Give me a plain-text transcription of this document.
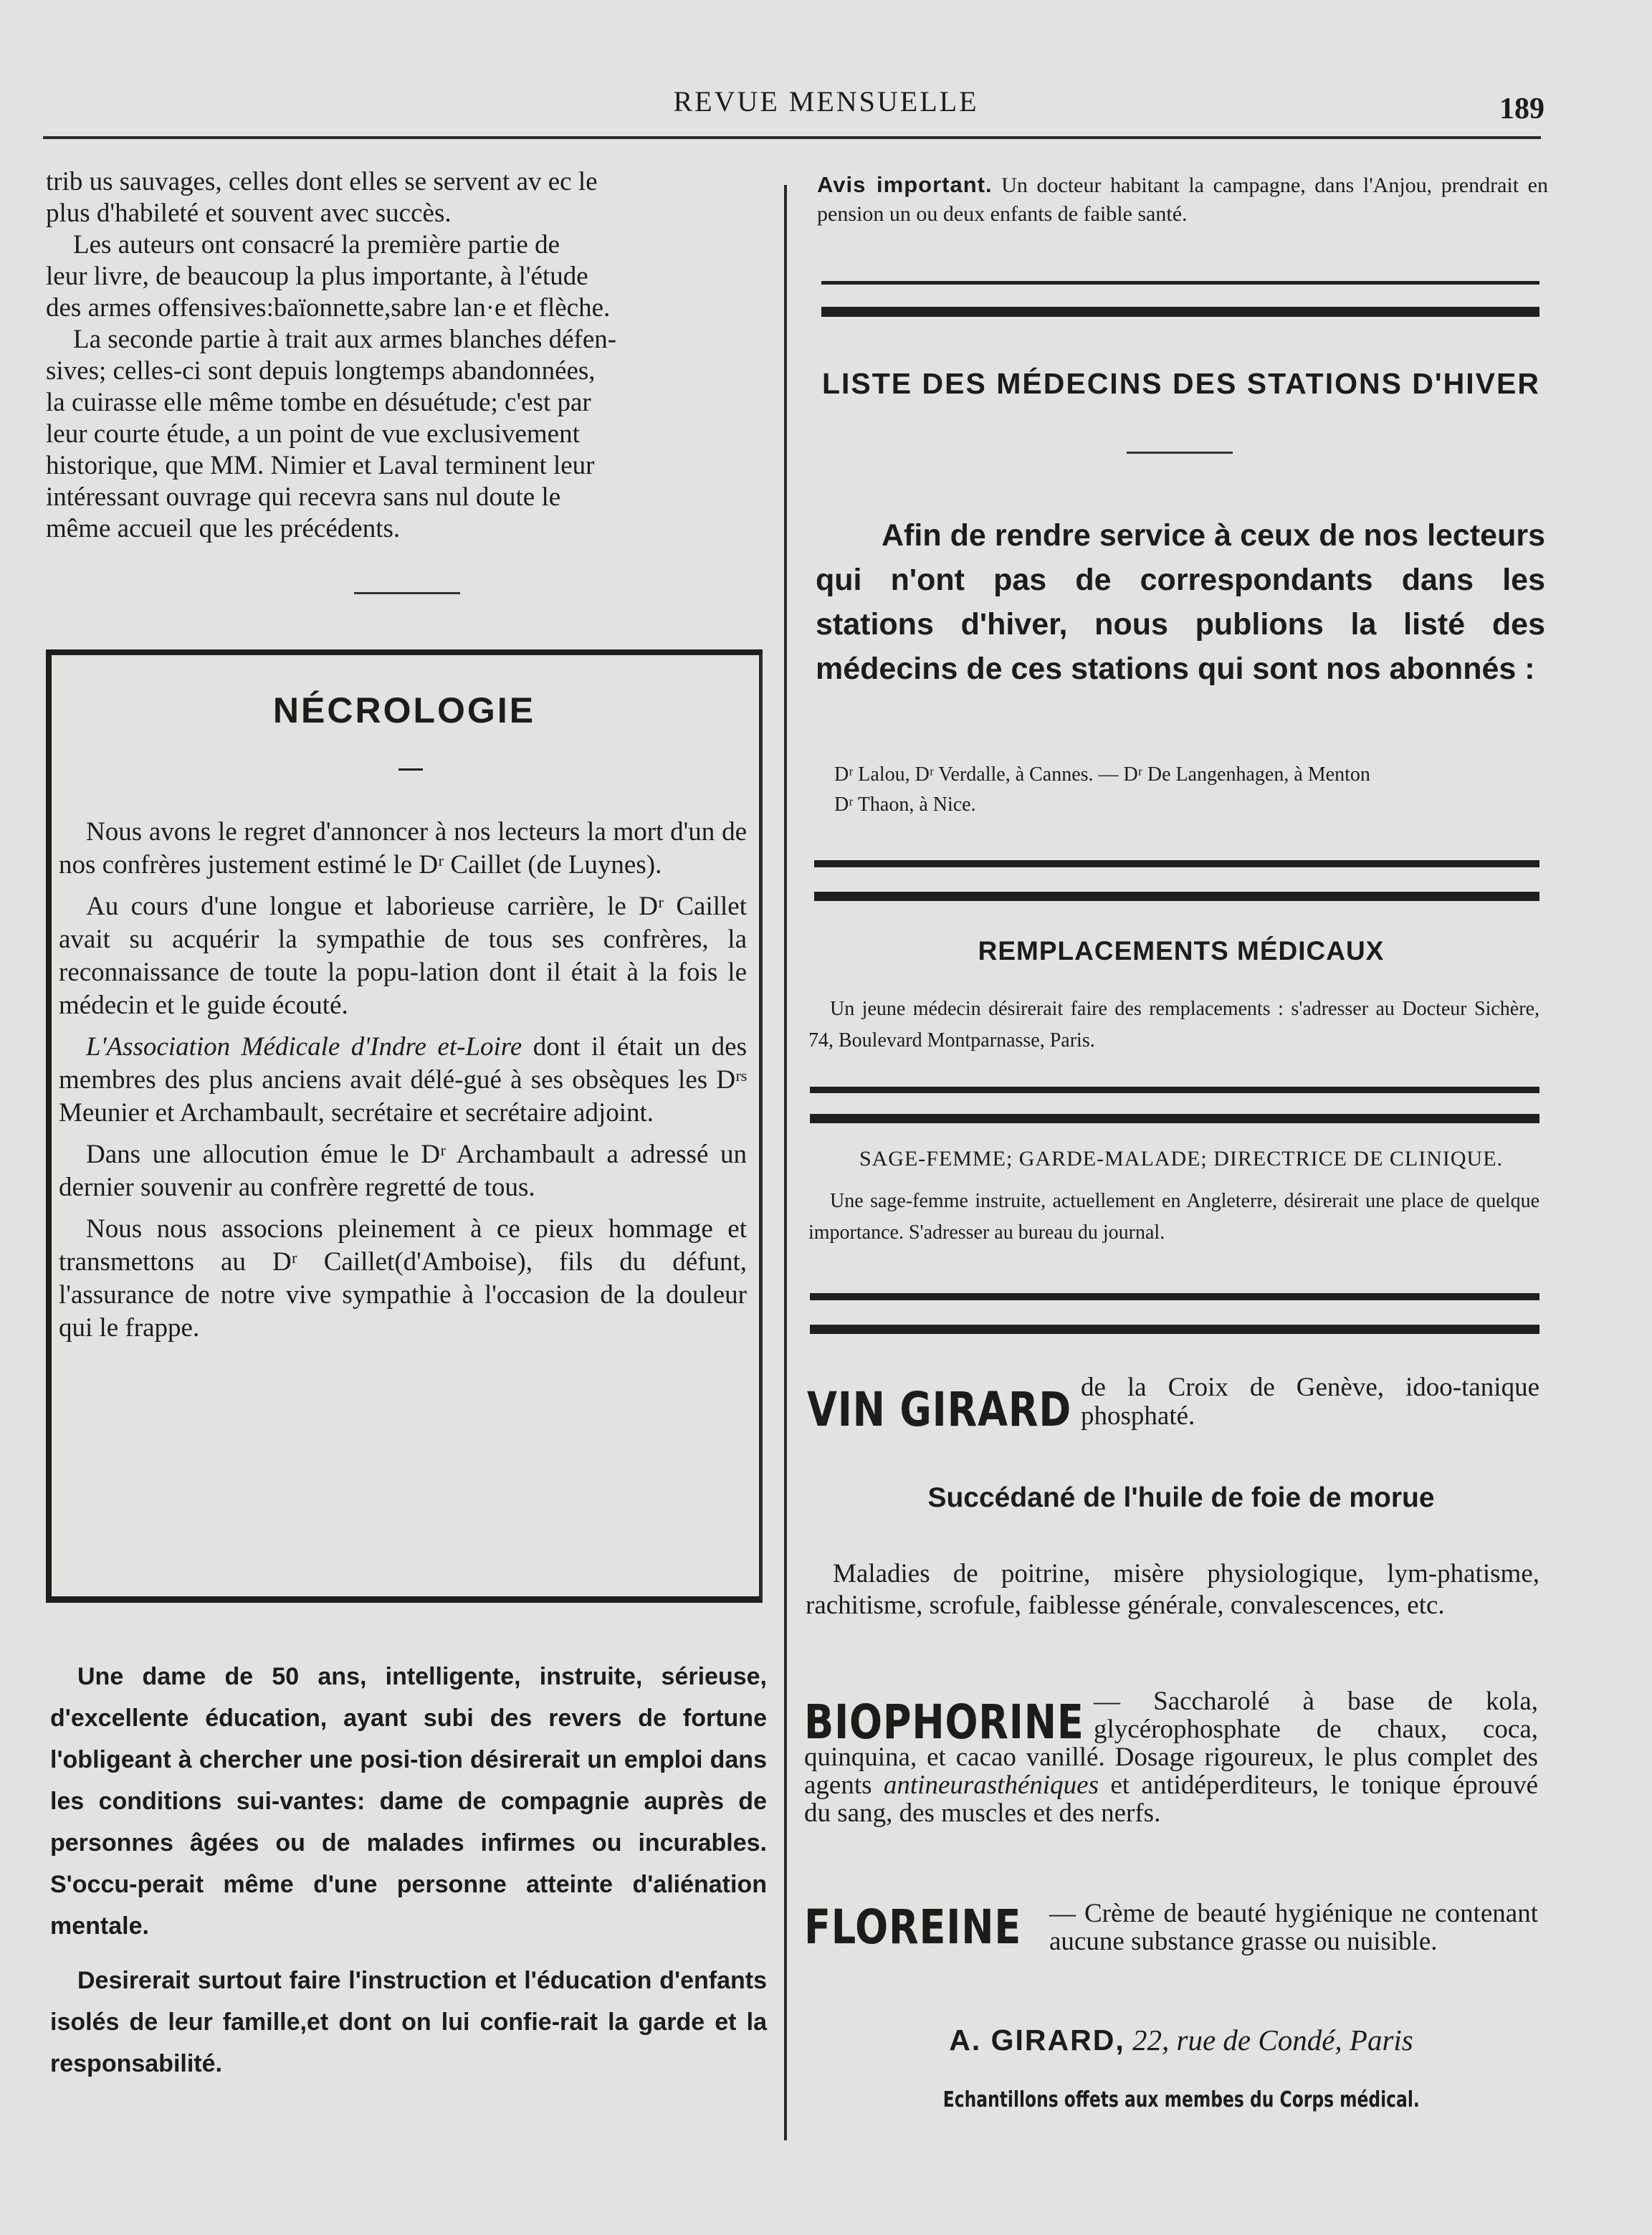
REVUE MENSUELLE	189

trib us sauvages, celles dont elles se servent av ec le

plus d'habileté et souvent avec succès.

Les auteurs ont consacré la première partie de

leur livre, de beaucoup la plus importante, à l'étude

des armes offensives:baïonnette,sabre lan·e et flèche.

La seconde partie à trait aux armes blanches défen-

sives; celles-ci sont depuis longtemps abandonnées,

la cuirasse elle même tombe en désuétude; c'est par

leur courte étude, a un point de vue exclusivement

historique, que MM. Nimier et Laval terminent leur

intéressant ouvrage qui recevra sans nul doute le

même accueil que les précédents.

NÉCROLOGIE

Nous avons le regret d'annoncer à nos lecteurs la mort d'un de nos confrères justement estimé le Dʳ Caillet (de Luynes).

Au cours d'une longue et laborieuse carrière, le Dʳ Caillet avait su acquérir la sympathie de tous ses confrères, la reconnaissance de toute la popu-lation dont il était à la fois le médecin et le guide écouté.

L'Association Médicale d'Indre et-Loire dont il était un des membres des plus anciens avait délé-gué à ses obsèques les Dʳˢ Meunier et Archambault, secrétaire et secrétaire adjoint.

Dans une allocution émue le Dʳ Archambault a adressé un dernier souvenir au confrère regretté de tous.

Nous nous associons pleinement à ce pieux hommage et transmettons au Dʳ Caillet(d'Amboise), fils du défunt, l'assurance de notre vive sympathie à l'occasion de la douleur qui le frappe.

Une dame de 50 ans, intelligente, instruite, sérieuse, d'excellente éducation, ayant subi des revers de fortune l'obligeant à chercher une posi-tion désirerait un emploi dans les conditions sui-vantes: dame de compagnie auprès de personnes âgées ou de malades infirmes ou incurables. S'occu-perait même d'une personne atteinte d'aliénation mentale.

Desirerait surtout faire l'instruction et l'éducation d'enfants isolés de leur famille,et dont on lui confie-rait la garde et la responsabilité.

Avis important. Un docteur habitant la campagne, dans l'Anjou, prendrait en pension un ou deux enfants de faible santé.

LISTE DES MÉDECINS DES STATIONS D'HIVER

Afin de rendre service à ceux de nos lecteurs qui n'ont pas de correspondants dans les stations d'hiver, nous publions la listé des médecins de ces stations qui sont nos abonnés :

Dʳ Lalou, Dʳ Verdalle, à Cannes. — Dʳ De Langenhagen, à Menton
Dʳ Thaon, à Nice.
REMPLACEMENTS MÉDICAUX

Un jeune médecin désirerait faire des remplacements : s'adresser au Docteur Sichère, 74, Boulevard Montparnasse, Paris.

SAGE-FEMME; GARDE-MALADE; DIRECTRICE DE CLINIQUE.

Une sage-femme instruite, actuellement en Angleterre, désirerait une place de quelque importance. S'adresser au bureau du journal.

VIN GIRARD de la Croix de Genève, idoo-tanique phosphaté.

Succédané de l'huile de foie de morue

Maladies de poitrine, misère physiologique, lym-phatisme, rachitisme, scrofule, faiblesse générale, convalescences, etc.

BIOPHORINE — Saccharolé à base de kola, glycérophosphate de chaux, coca, quinquina, et cacao vanillé. Dosage rigoureux, le plus complet des agents antineurasthéniques et antidéperditeurs, le tonique éprouvé du sang, des muscles et des nerfs.

FLOREINE	— Crème de beauté hygiénique ne contenant aucune substance grasse ou nuisible.

A. GIRARD, 22, rue de Condé, Paris
Echantillons offets aux membes du Corps médical.
